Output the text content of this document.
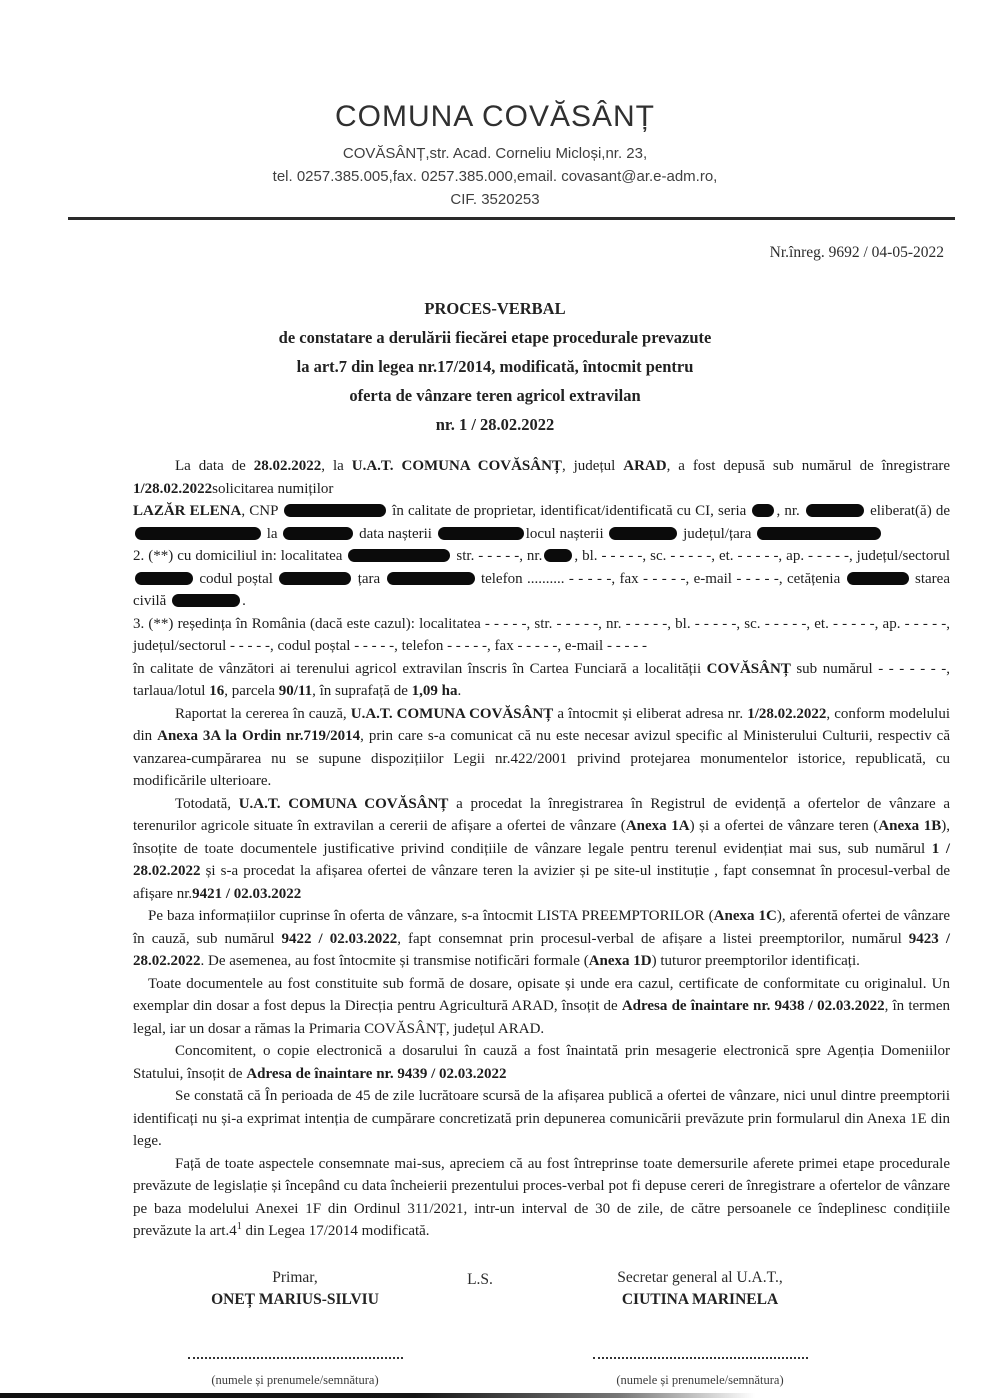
COMUNA COVĂSÂNȚ
COVĂSÂNȚ,str. Acad. Corneliu Micloși,nr. 23,
tel. 0257.385.005,fax. 0257.385.000,email. covasant@ar.e-adm.ro,
CIF. 3520253
Nr.înreg. 9692 / 04-05-2022
PROCES-VERBAL
de constatare a derulării fiecărei etape procedurale prevazute
la art.7 din legea nr.17/2014, modificată, întocmit pentru
oferta de vânzare teren agricol extravilan
nr. 1 / 28.02.2022

La data de 28.02.2022, la U.A.T. COMUNA COVĂSÂNȚ, județul ARAD, a fost depusă sub numărul de înregistrare 1/28.02.2022solicitarea numiților

LAZĂR ELENA, CNP	în calitate de proprietar, identificat/identificată cu CI, seria , nr.	eliberat(ă) de  la	data nașterii	locul nașterii	județul/țara

2. (**) cu domiciliul in: localitatea	str. - - - - -, nr. , bl. - - - - -, sc. - - - - -, et. - - - - -, ap. - - - - -, județul/sectorul  codul poștal	țara	telefon .......... - - - - -, fax - - - - -, e-mail - - - - -, cetățenia	starea civilă	.

3. (**) reședința în România (dacă este cazul): localitatea - - - - -, str. - - - - -, nr. - - - - -, bl. - - - - -, sc. - - - - -, et. - - - - -, ap. - - - - -, județul/sectorul - - - - -, codul poștal - - - - -, telefon - - - - -, fax - - - - -, e-mail - - - - -

în calitate de vânzători ai terenului agricol extravilan înscris în Cartea Funciară a localității COVĂSÂNȚ sub numărul - - - - - - -, tarlaua/lotul 16, parcela 90/11, în suprafață de 1,09 ha.

Raportat la cererea în cauză, U.A.T. COMUNA COVĂSÂNȚ a întocmit și eliberat adresa nr. 1/28.02.2022, conform modelului din Anexa 3A la Ordin nr.719/2014, prin care s-a comunicat că nu este necesar avizul specific al Ministerului Culturii, respectiv că vanzarea-cumpărarea nu se supune dispozițiilor Legii nr.422/2001 privind protejarea monumentelor istorice, republicată, cu modificările ulterioare.

Totodată, U.A.T. COMUNA COVĂSÂNȚ a procedat la înregistrarea în Registrul de evidență a ofertelor de vânzare a terenurilor agricole situate în extravilan a cererii de afișare a ofertei de vânzare (Anexa 1A) și a ofertei de vânzare teren (Anexa 1B), însoțite de toate documentele justificative privind condițiile de vânzare legale pentru terenul evidențiat mai sus, sub numărul 1 / 28.02.2022 și s-a procedat la afișarea ofertei de vânzare teren la avizier și pe site-ul instituție , fapt consemnat în procesul-verbal de afișare nr.9421 / 02.03.2022

Pe baza informațiilor cuprinse în oferta de vânzare, s-a întocmit LISTA PREEMPTORILOR (Anexa 1C), aferentă ofertei de vânzare în cauză, sub numărul 9422 / 02.03.2022, fapt consemnat prin procesul-verbal de afișare a listei preemptorilor, numărul 9423 / 28.02.2022. De asemenea, au fost întocmite și transmise notificări formale (Anexa 1D) tuturor preemptorilor identificați.

Toate documentele au fost constituite sub formă de dosare, opisate și unde era cazul, certificate de conformitate cu originalul. Un exemplar din dosar a fost depus la Direcția pentru Agricultură ARAD, însoțit de Adresa de înaintare nr. 9438 / 02.03.2022, în termen legal, iar un dosar a rămas la Primaria COVĂSÂNȚ, județul ARAD.

Concomitent, o copie electronică a dosarului în cauză a fost înaintată prin mesagerie electronică spre Agenția Domeniilor Statului, însoțit de Adresa de înaintare nr. 9439 / 02.03.2022

Se constată că În perioada de 45 de zile lucrătoare scursă de la afișarea publică a ofertei de vânzare, nici unul dintre preemptorii identificați nu și-a exprimat intenția de cumpărare concretizată prin depunerea comunicării prevăzute prin formularul din Anexa 1E din lege.

Față de toate aspectele consemnate mai-sus, apreciem că au fost întreprinse toate demersurile aferete primei etape procedurale prevăzute de legislație și începând cu data încheierii prezentului proces-verbal pot fi depuse cereri de înregistrare a ofertelor de vânzare pe baza modelului Anexei 1F din Ordinul 311/2021, intr-un interval de 30 de zile, de către persoanele ce îndeplinesc condițiile prevăzute la $art.4^1$ din Legea 17/2014 modificată.

Primar,
ONEȚ MARIUS-SILVIU
(numele și prenumele/semnătura)
L.S.	Secretar general al U.A.T.,
CIUTINA MARINELA
(numele și prenumele/semnătura)
